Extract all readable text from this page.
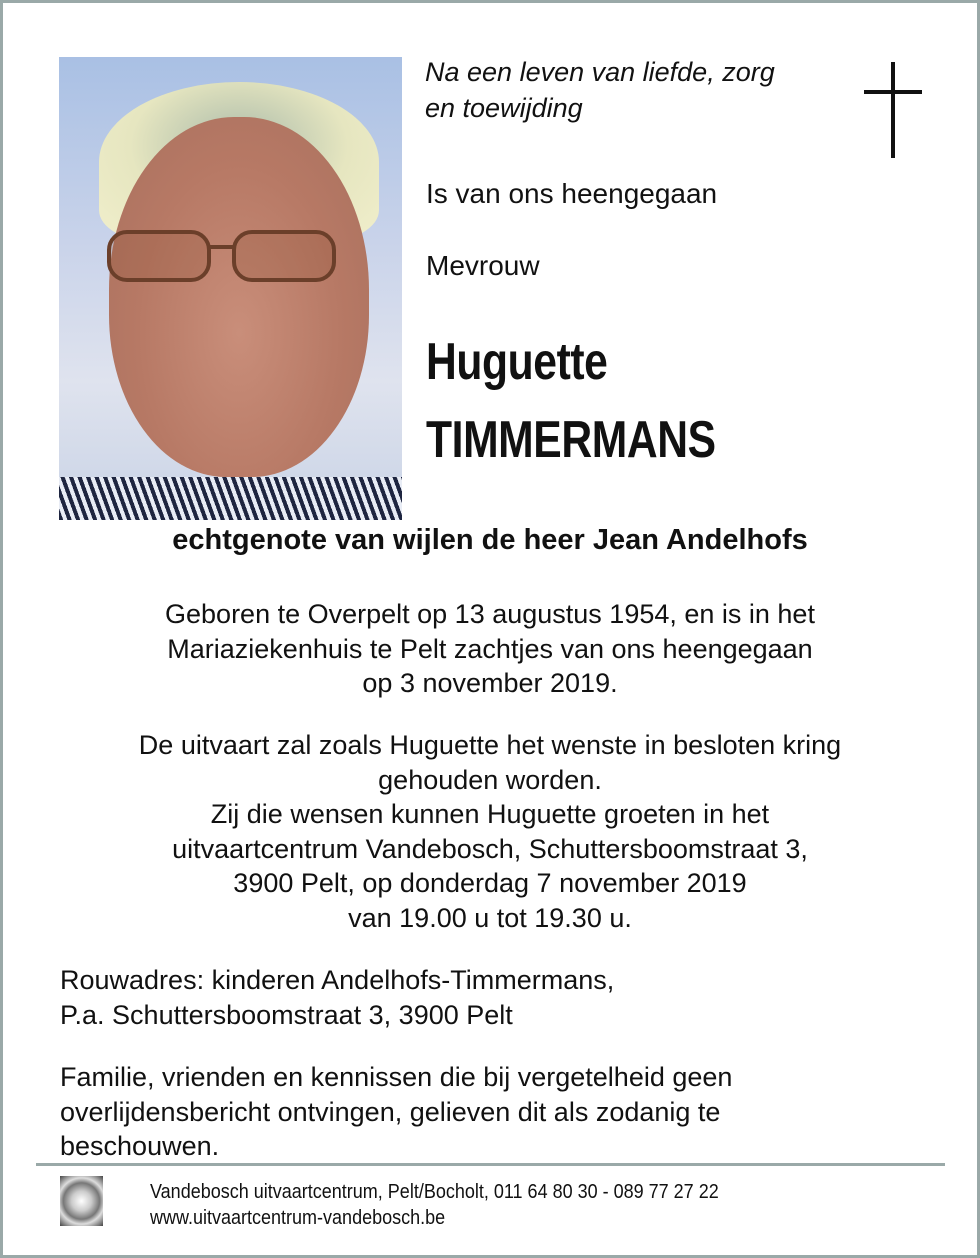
Na een leven van liefde, zorg
en toewijding
Is van ons heengegaan
Mevrouw
Huguette
TIMMERMANS
echtgenote van wijlen de heer Jean Andelhofs
Geboren te Overpelt op 13 augustus 1954, en is in het
Mariaziekenhuis te Pelt zachtjes van ons heengegaan
op 3 november 2019.
De uitvaart zal zoals Huguette het wenste in besloten kring
gehouden worden.
Zij die wensen kunnen Huguette groeten in het
uitvaartcentrum Vandebosch, Schuttersboomstraat 3,
3900 Pelt, op donderdag 7 november 2019
van 19.00 u tot 19.30 u.
Rouwadres: kinderen Andelhofs-Timmermans,
P.a. Schuttersboomstraat 3, 3900 Pelt
Familie, vrienden en kennissen die bij vergetelheid geen
overlijdensbericht ontvingen, gelieven dit als zodanig te
beschouwen.
Vandebosch uitvaartcentrum, Pelt/Bocholt, 011 64 80 30 - 089 77 27 22
www.uitvaartcentrum-vandebosch.be
